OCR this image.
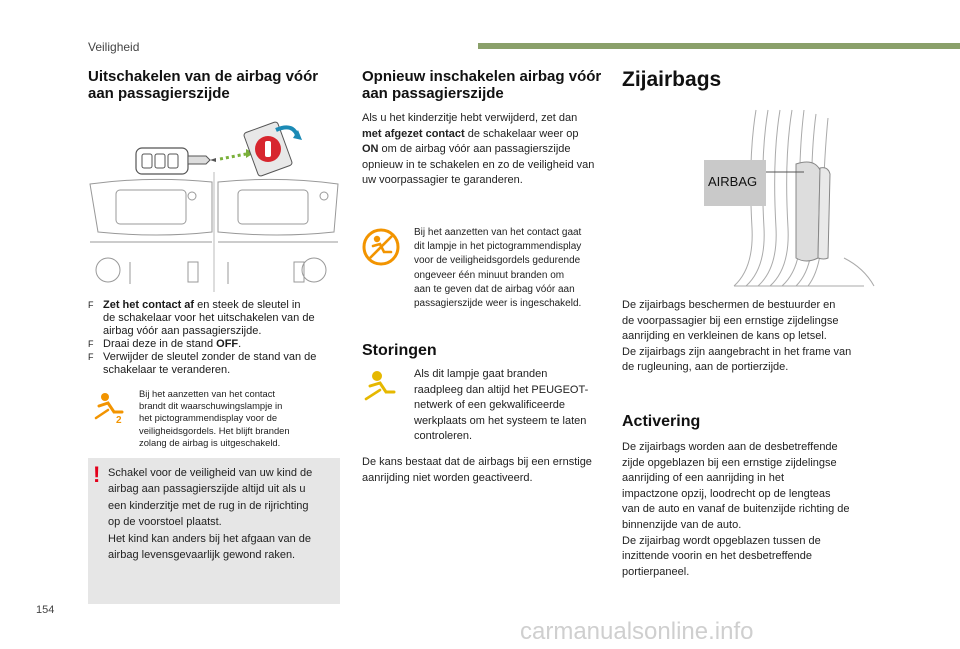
Veiligheid
Uitschakelen van de airbag vóór
aan passagierszijde
F Zet het contact af en steek de sleutel in
de schakelaar voor het uitschakelen van de
airbag vóór aan passagierszijde.
F Draai deze in de stand OFF.
F Verwijder de sleutel zonder de stand van de
schakelaar te veranderen.
2
Bij het aanzetten van het contact
brandt dit waarschuwingslampje in
het pictogrammendisplay voor de
veiligheidsgordels. Het blijft branden
zolang de airbag is uitgeschakeld.
! Schakel voor de veiligheid van uw kind de
airbag aan passagierszijde altijd uit als u
een kinderzitje met de rug in de rijrichting
op de voorstoel plaatst.
Het kind kan anders bij het afgaan van de
airbag levensgevaarlijk gewond raken.
Opnieuw inschakelen airbag vóór
aan passagierszijde
Als u het kinderzitje hebt verwijderd, zet dan
met afgezet contact de schakelaar weer op
ON om de airbag vóór aan passagierszijde
opnieuw in te schakelen en zo de veiligheid van
uw voorpassagier te garanderen.
Bij het aanzetten van het contact gaat
dit lampje in het pictogrammendisplay
voor de veiligheidsgordels gedurende
ongeveer één minuut branden om
aan te geven dat de airbag vóór aan
passagierszijde weer is ingeschakeld.
Storingen
Als dit lampje gaat branden
raadpleeg dan altijd het PEUGEOT-
netwerk of een gekwalificeerde
werkplaats om het systeem te laten
controleren.
De kans bestaat dat de airbags bij een ernstige
aanrijding niet worden geactiveerd.
Zijairbags
AIRBAG
De zijairbags beschermen de bestuurder en
de voorpassagier bij een ernstige zijdelingse
aanrijding en verkleinen de kans op letsel.
De zijairbags zijn aangebracht in het frame van
de rugleuning, aan de portierzijde.
Activering
De zijairbags worden aan de desbetreffende
zijde opgeblazen bij een ernstige zijdelingse
aanrijding of een aanrijding in het
impactzone opzij, loodrecht op de lengteas
van de auto en vanaf de buitenzijde richting de
binnenzijde van de auto.
De zijairbag wordt opgeblazen tussen de
inzittende voorin en het desbetreffende
portierpaneel.
154
carmanualsonline.info
